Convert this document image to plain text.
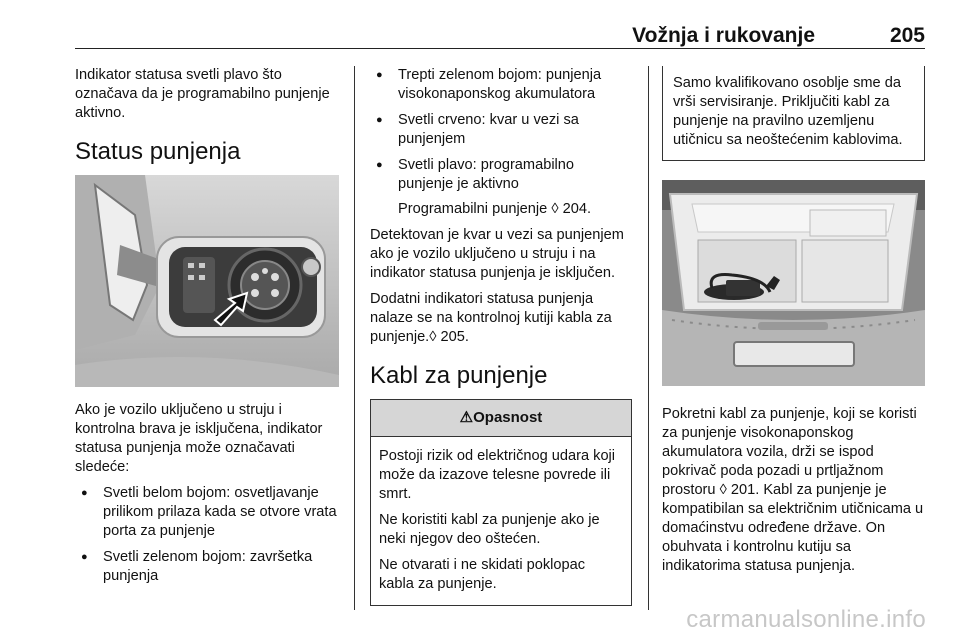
Vožnja i rukovanje	205

Indikator statusa svetli plavo što označava da je programabilno punjenje aktivno.

Status punjenja

Ako je vozilo uključeno u struju i kontrolna brava je isključena, indikator statusa punjenja može označavati sledeće:

● Svetli belom bojom: osvetljavanje prilikom prilaza kada se otvore vrata porta za punjenje
● Svetli zelenom bojom: završetka punjenja
● Trepti zelenom bojom: punjenja visokonaponskog akumulatora
● Svetli crveno: kvar u vezi sa punjenjem
● Svetli plavo: programabilno punjenje je aktivno

Programabilni punjenje ◊ 204.

Detektovan je kvar u vezi sa punjenjem ako je vozilo uključeno u struju i na indikator statusa punjenja je isključen.

Dodatni indikatori statusa punjenja nalaze se na kontrolnoj kutiji kabla za punjenje.◊ 205.

Kabl za punjenje
⚠Opasnost

Postoji rizik od električnog udara koji može da izazove telesne povrede ili smrt.

Ne koristiti kabl za punjenje ako je neki njegov deo oštećen.

Ne otvarati i ne skidati poklopac kabla za punjenje.

Samo kvalifikovano osoblje sme da vrši servisiranje. Priključiti kabl za punjenje na pravilno uzemljenu utičnicu sa neoštećenim kablovima.

Pokretni kabl za punjenje, koji se koristi za punjenje visokonaponskog akumulatora vozila, drži se ispod pokrivač poda pozadi u prtljažnom prostoru ◊ 201. Kabl za punjenje je kompatibilan sa električnim utičnicama u domaćinstvu određene države. On obuhvata i kontrolnu kutiju sa indikatorima statusa punjenja.

carmanualsonline.info
